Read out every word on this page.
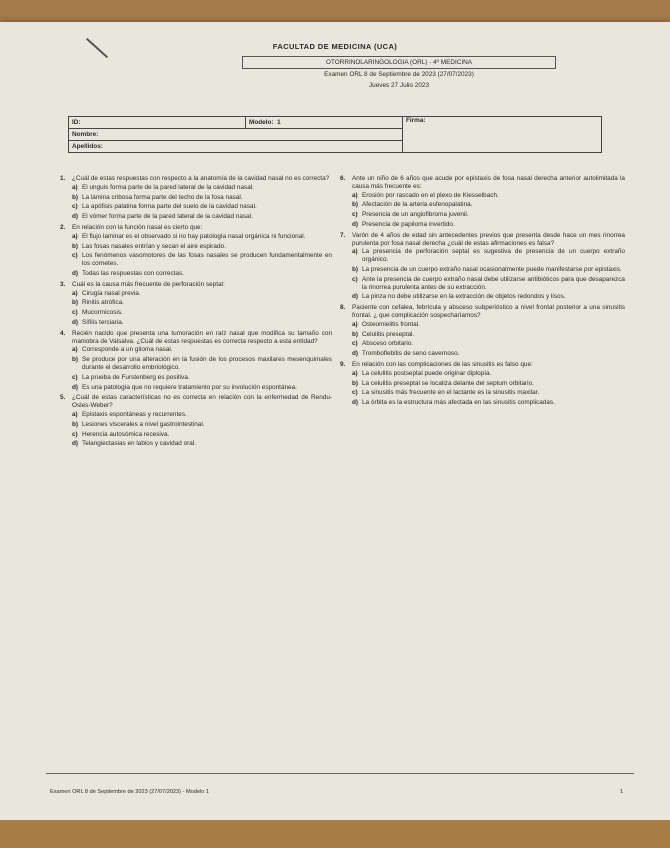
FACULTAD DE MEDICINA (UCA)
OTORRINOLARINGOLOGIA (ORL) - 4º MEDICINA
Examen ORL 8 de Septiembre de 2023 (27/07/2023)
Jueves 27 Julio 2023
ID:	Modelo: 1	Firma:
Nombre:
Apellidos:
1.	¿Cuál de estas respuestas con respecto a la anatomía de la cavidad nasal no es correcta?
a) El unguis forma parte de la pared lateral de la cavidad nasal.
b) La lámina cribosa forma parte del techo de la fosa nasal.
c) La apófisis palatina forma parte del suelo de la cavidad nasal.
d) El vómer forma parte de la pared lateral de la cavidad nasal.
2.	En relación con la función nasal es cierto que:
a) El flujo laminar es el observado si no hay patología nasal orgánica ni funcional.
b) Las fosas nasales entrían y secan el aire espirado.
c) Los fenómenos vasomotores de las fosas nasales se producen fundamentalmente en los cornetes.
d) Todas las respuestas con correctas.
3.	Cuál es la causa más frecuente de perforación septal:
a) Cirugía nasal previa.
b) Rinitis atrófica.
c) Mucormicosis.
d) Sífilis terciaria.
4.	Recién nacido que presenta una tumoración en raíz nasal que modifica su tamaño con maniobra de Valsalva. ¿Cuál de estas respuestas es correcta respecto a esta entidad?
a) Corresponde a un glioma nasal.
b) Se produce por una alteración en la fusión de los procesos maxilares mesenquimales durante el desarrollo embriológico.
c) La prueba de Furstenberg es positiva.
d) Es una patología que no requiere tratamiento por su involución espontánea.
5.	¿Cuál de estas características no es correcta en relación con la enfermedad de Rendu-Osles-Weber?
a) Epistaxis espontáneas y recurrentes.
b) Lesiones viscerales a nivel gastrointestinal.
c) Herencia autosómica recesiva.
d) Telangiectasias en labios y cavidad oral.
6.	Ante un niño de 6 años que acude por epistaxis de fosa nasal derecha anterior autolimitada la causa más frecuente es:
a) Erosión por rascado en el plexo de Kiesselbach.
b) Afectación de la arteria esfenopalatina.
c) Presencia de un angiofibroma juvenil.
d) Presencia de papiloma invertido.
7.	Varón de 4 años de edad sin antecedentes previos que presenta desde hace un mes rinorrea purulenta por fosa nasal derecha ¿cuál de estas afirmaciones es falsa?
a) La presencia de perforación septal es sugestiva de presencia de un cuerpo extraño orgánico.
b) La presencia de un cuerpo extraño nasal ocasionalmente puede manifestarse por epistaxis.
c) Ante la presencia de cuerpo extraño nasal debe utilizarse antibióticos para que desaparezca la rinorrea purulenta antes de su extracción.
d) La pinza no debe utilizarse en la extracción de objetos redondos y lisos.
8.	Paciente con cefalea, febrícula y absceso subperióstico a nivel frontal posterior a una sinusitis frontal. ¿ que complicación sospecharíamos?
a) Osteomielitis frontal.
b) Celulitis preseptal.
c) Absceso orbitario.
d) Tromboflebitis de seno cavernoso.
9.	En relación con las complicaciones de las sinusitis es falso que:
a) La celulitis postseptal puede originar diplopía.
b) La celulitis preseptal se localiza delante del septum orbitario.
c) La sinusitis más frecuente en el lactante es la sinusitis maxilar.
d) La órbita es la estructura más afectada en las sinusitis complicadas.
Examen ORL 8 de Septiembre de 2023 (27/07/2023) - Modelo 1	1
